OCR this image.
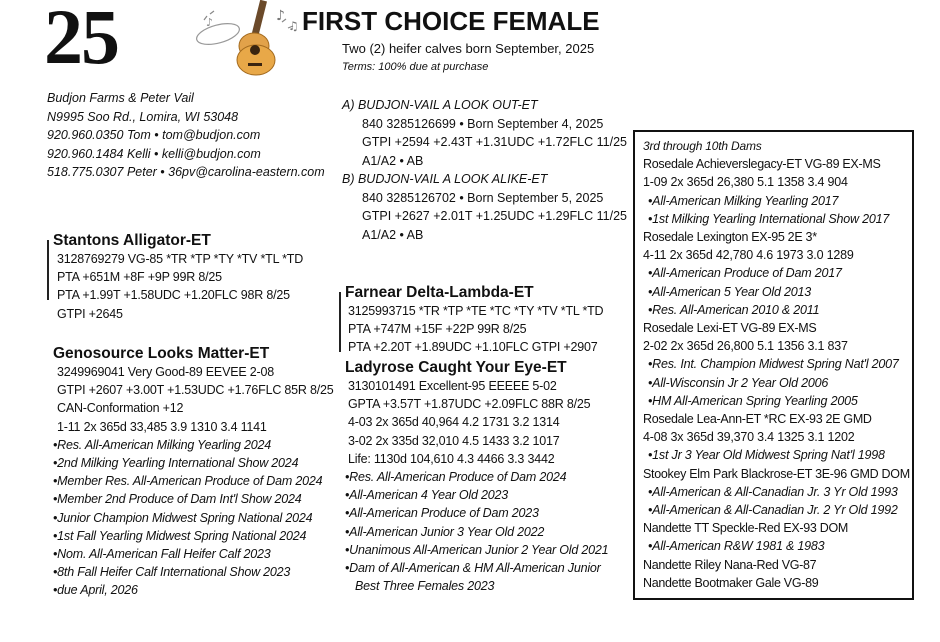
25	♪
♫
♪	FIRST CHOICE FEMALE
Two (2) heifer calves born September, 2025
Terms: 100% due at purchase
Budjon Farms & Peter Vail
N9995 Soo Rd., Lomira, WI 53048
920.960.0350 Tom • tom@budjon.com
920.960.1484 Kelli • kelli@budjon.com
518.775.0307 Peter • 36pv@carolina-eastern.com
A) BUDJON-VAIL A LOOK OUT-ET
840 3285126699 • Born September 4, 2025
GTPI +2594 +2.43T +1.31UDC +1.72FLC 11/25
A1/A2 • AB
B) BUDJON-VAIL A LOOK ALIKE-ET
840 3285126702 • Born September 5, 2025
GTPI +2627 +2.01T +1.25UDC +1.29FLC 11/25
A1/A2 • AB
Stantons Alligator-ET
3128769279 VG-85 *TR *TP *TY *TV *TL *TD
PTA +651M +8F +9P 99R 8/25
PTA +1.99T +1.58UDC +1.20FLC 98R 8/25
GTPI +2645
Genosource Looks Matter-ET
3249969041 Very Good-89 EEVEE 2-08
GTPI +2607 +3.00T +1.53UDC +1.76FLC 85R 8/25
CAN-Conformation +12
1-11 2x 365d 33,485 3.9 1310 3.4 1141
•Res. All-American Milking Yearling 2024
•2nd Milking Yearling International Show 2024
•Member Res. All-American Produce of Dam 2024
•Member 2nd Produce of Dam Int'l Show 2024
•Junior Champion Midwest Spring National 2024
•1st Fall Yearling Midwest Spring National 2024
•Nom. All-American Fall Heifer Calf 2023
•8th Fall Heifer Calf International Show 2023
•due April, 2026
Farnear Delta-Lambda-ET
3125993715 *TR *TP *TE *TC *TY *TV *TL *TD
PTA +747M +15F +22P 99R 8/25
PTA +2.20T +1.89UDC +1.10FLC GTPI +2907
Ladyrose Caught Your Eye-ET
3130101491 Excellent-95 EEEEE 5-02
GPTA +3.57T +1.87UDC +2.09FLC 88R 8/25
4-03 2x 365d 40,964 4.2 1731 3.2 1314
3-02 2x 335d 32,010 4.5 1433 3.2 1017
Life: 1130d 104,610 4.3 4466 3.3 3442
•Res. All-American Produce of Dam 2024
•All-American 4 Year Old 2023
•All-American Produce of Dam 2023
•All-American Junior 3 Year Old 2022
•Unanimous All-American Junior 2 Year Old 2021
•Dam of All-American & HM All-American Junior
Best Three Females 2023
3rd through 10th Dams
Rosedale Achieverslegacy-ET VG-89 EX-MS
1-09 2x 365d 26,380 5.1 1358 3.4 904
•All-American Milking Yearling 2017
•1st Milking Yearling International Show 2017
Rosedale Lexington EX-95 2E 3*
4-11 2x 365d 42,780 4.6 1973 3.0 1289
•All-American Produce of Dam 2017
•All-American 5 Year Old 2013
•Res. All-American 2010 & 2011
Rosedale Lexi-ET VG-89 EX-MS
2-02 2x 365d 26,800 5.1 1356 3.1 837
•Res. Int. Champion Midwest Spring Nat'l 2007
•All-Wisconsin Jr 2 Year Old 2006
•HM All-American Spring Yearling 2005
Rosedale Lea-Ann-ET *RC EX-93 2E GMD
4-08 3x 365d 39,370 3.4 1325 3.1 1202
•1st Jr 3 Year Old Midwest Spring Nat'l 1998
Stookey Elm Park Blackrose-ET 3E-96 GMD DOM
•All-American & All-Canadian Jr. 3 Yr Old 1993
•All-American & All-Canadian Jr. 2 Yr Old 1992
Nandette TT Speckle-Red EX-93 DOM
•All-American R&W 1981 & 1983
Nandette Riley Nana-Red VG-87
Nandette Bootmaker Gale VG-89
